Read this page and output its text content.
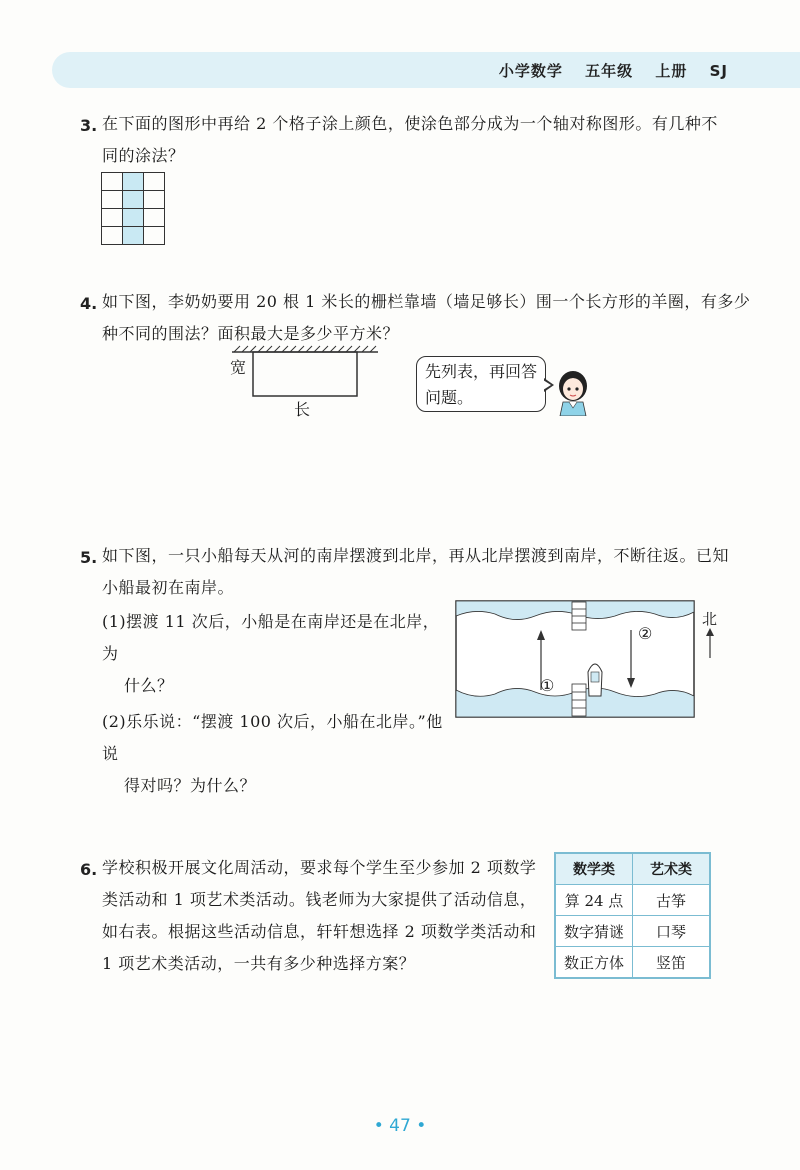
小学数学 五年级 上册 SJ
3. 在下面的图形中再给 2 个格子涂上颜色，使涂色部分成为一个轴对称图形。有几种不
同的涂法？

4. 如下图，李奶奶要用 20 根 1 米长的栅栏靠墙（墙足够长）围一个长方形的羊圈，有多少
种不同的围法？面积最大是多少平方米？
宽
长
先列表，再回答
问题。
5. 如下图，一只小船每天从河的南岸摆渡到北岸，再从北岸摆渡到南岸，不断往返。已知
小船最初在南岸。
(1)摆渡 11 次后，小船是在南岸还是在北岸，为
什么？
(2)乐乐说：“摆渡 100 次后，小船在北岸。”他说
得对吗？为什么？
①
②
北
6. 学校积极开展文化周活动，要求每个学生至少参加 2 项数学
类活动和 1 项艺术类活动。钱老师为大家提供了活动信息，
如右表。根据这些活动信息，轩轩想选择 2 项数学类活动和
1 项艺术类活动，一共有多少种选择方案？
数学类	艺术类
算 24 点	古筝
数字猜谜	口琴
数正方体	竖笛
• 47 •
